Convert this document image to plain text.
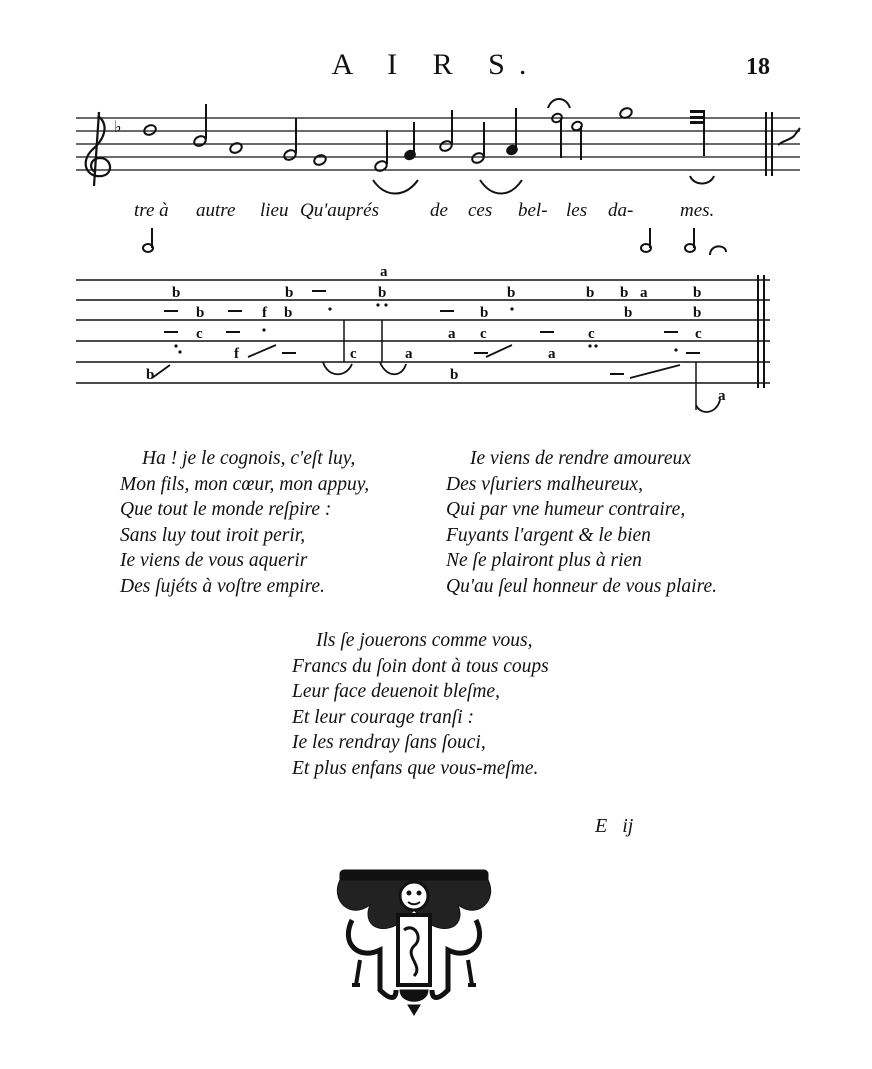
A I R S.	18
♭
b	b	b	b	b b	b
a
a
b	f b	b	b	b
c	a c	c	c
f	c	a	a
b
b
a
tre à autre lieu Qu'auprés	de ces bel- les da- mes.
Ha ! je le cognois, c'eſt luy,
Mon fils, mon cœur, mon appuy,
Que tout le monde reſpire :
Sans luy tout iroit perir,
Ie viens de vous aquerir
Des ſujéts à voſtre empire.
Ie viens de rendre amoureux
Des vſuriers malheureux,
Qui par vne humeur contraire,
Fuyants l'argent & le bien
Ne ſe plairont plus à rien
Qu'au ſeul honneur de vous plaire.
Ils ſe jouerons comme vous,
Francs du ſoin dont à tous coups
Leur face deuenoit bleſme,
Et leur courage tranſi :
Ie les rendray ſans ſouci,
Et plus enfans que vous-meſme.
E ij
